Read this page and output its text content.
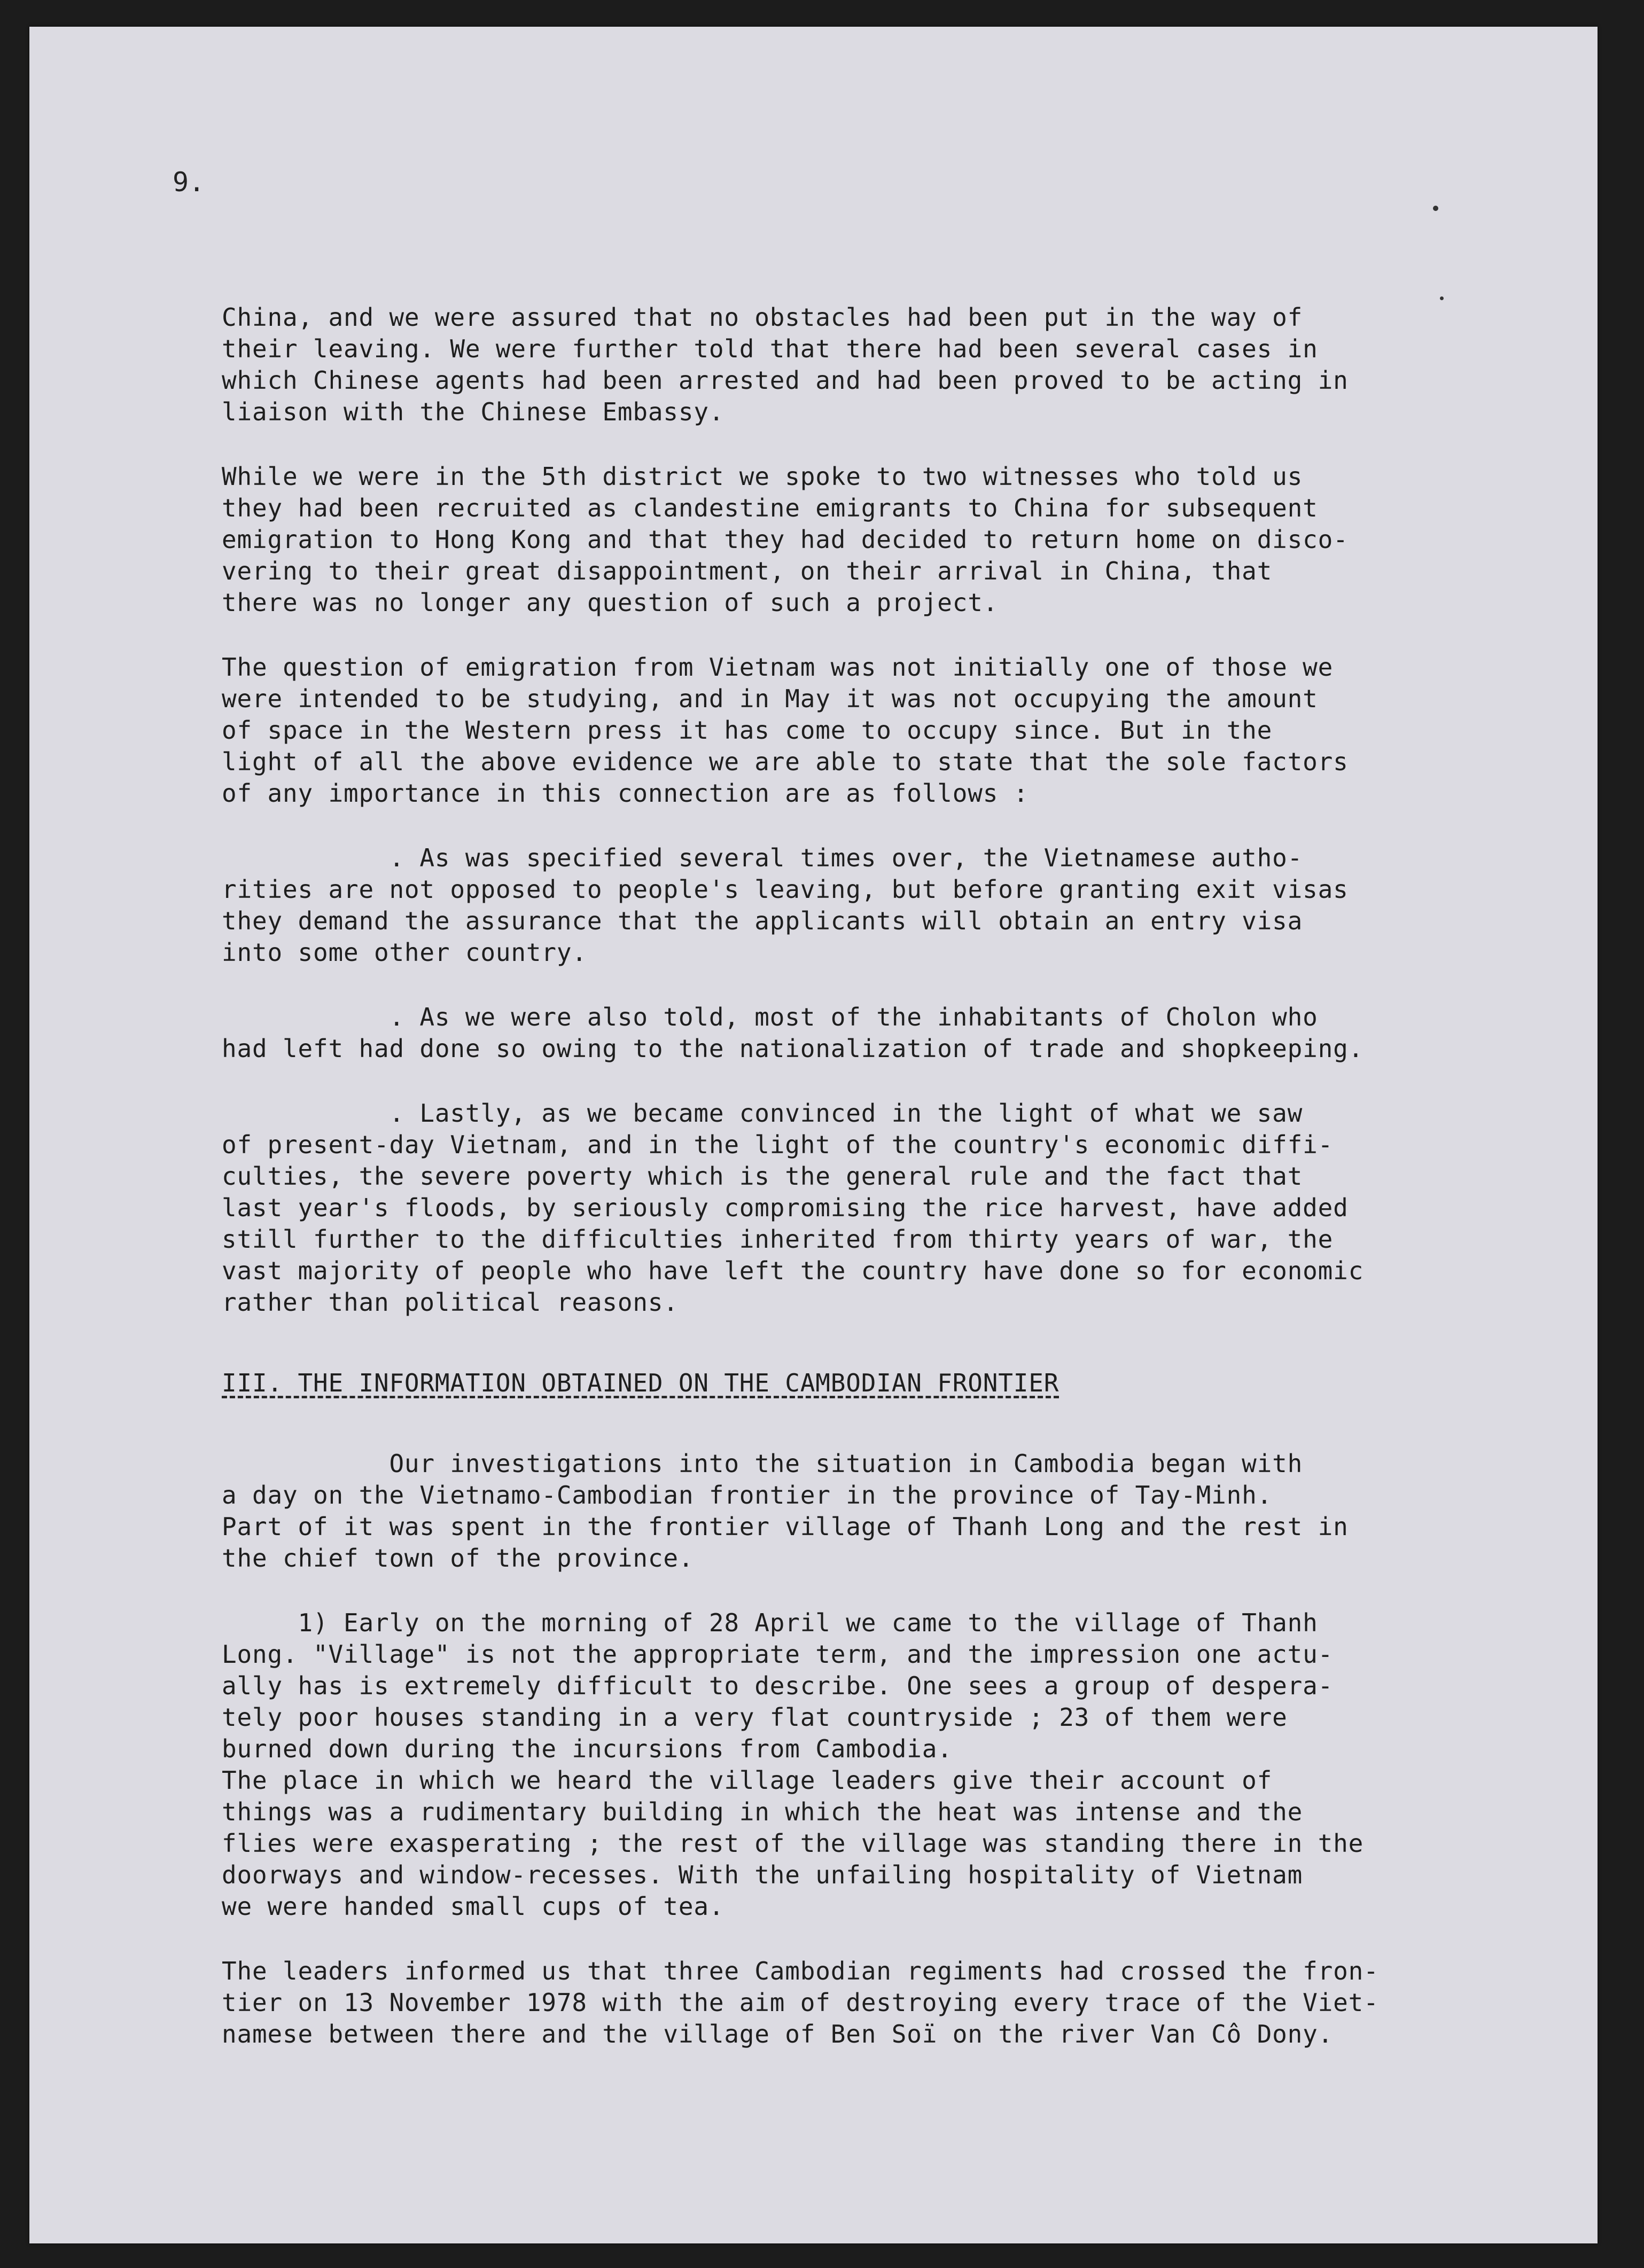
9.

China, and we were assured that no obstacles had been put in the way of
their leaving. We were further told that there had been several cases in
which Chinese agents had been arrested and had been proved to be acting in
liaison with the Chinese Embassy.

While we were in the 5th district we spoke to two witnesses who told us
they had been recruited as clandestine emigrants to China for subsequent
emigration to Hong Kong and that they had decided to return home on disco-
vering to their great disappointment, on their arrival in China, that
there was no longer any question of such a project.

The question of emigration from Vietnam was not initially one of those we
were intended to be studying, and in May it was not occupying the amount
of space in the Western press it has come to occupy since. But in the
light of all the above evidence we are able to state that the sole factors
of any importance in this connection are as follows :

. As was specified several times over, the Vietnamese autho-
rities are not opposed to people's leaving, but before granting exit visas
they demand the assurance that the applicants will obtain an entry visa
into some other country.

. As we were also told, most of the inhabitants of Cholon who
had left had done so owing to the nationalization of trade and shopkeeping.

. Lastly, as we became convinced in the light of what we saw
of present-day Vietnam, and in the light of the country's economic diffi-
culties, the severe poverty which is the general rule and the fact that
last year's floods, by seriously compromising the rice harvest, have added
still further to the difficulties inherited from thirty years of war, the
vast majority of people who have left the country have done so for economic
rather than political reasons.

III. THE INFORMATION OBTAINED ON THE CAMBODIAN FRONTIER

Our investigations into the situation in Cambodia began with
a day on the Vietnamo-Cambodian frontier in the province of Tay-Minh.
Part of it was spent in the frontier village of Thanh Long and the rest in
the chief town of the province.

1) Early on the morning of 28 April we came to the village of Thanh
Long. "Village" is not the appropriate term, and the impression one actu-
ally has is extremely difficult to describe. One sees a group of despera-
tely poor houses standing in a very flat countryside ; 23 of them were
burned down during the incursions from Cambodia.
The place in which we heard the village leaders give their account of
things was a rudimentary building in which the heat was intense and the
flies were exasperating ; the rest of the village was standing there in the
doorways and window-recesses. With the unfailing hospitality of Vietnam
we were handed small cups of tea.

The leaders informed us that three Cambodian regiments had crossed the fron-
tier on 13 November 1978 with the aim of destroying every trace of the Viet-
namese between there and the village of Ben Soï on the river Van Cô Dony.
